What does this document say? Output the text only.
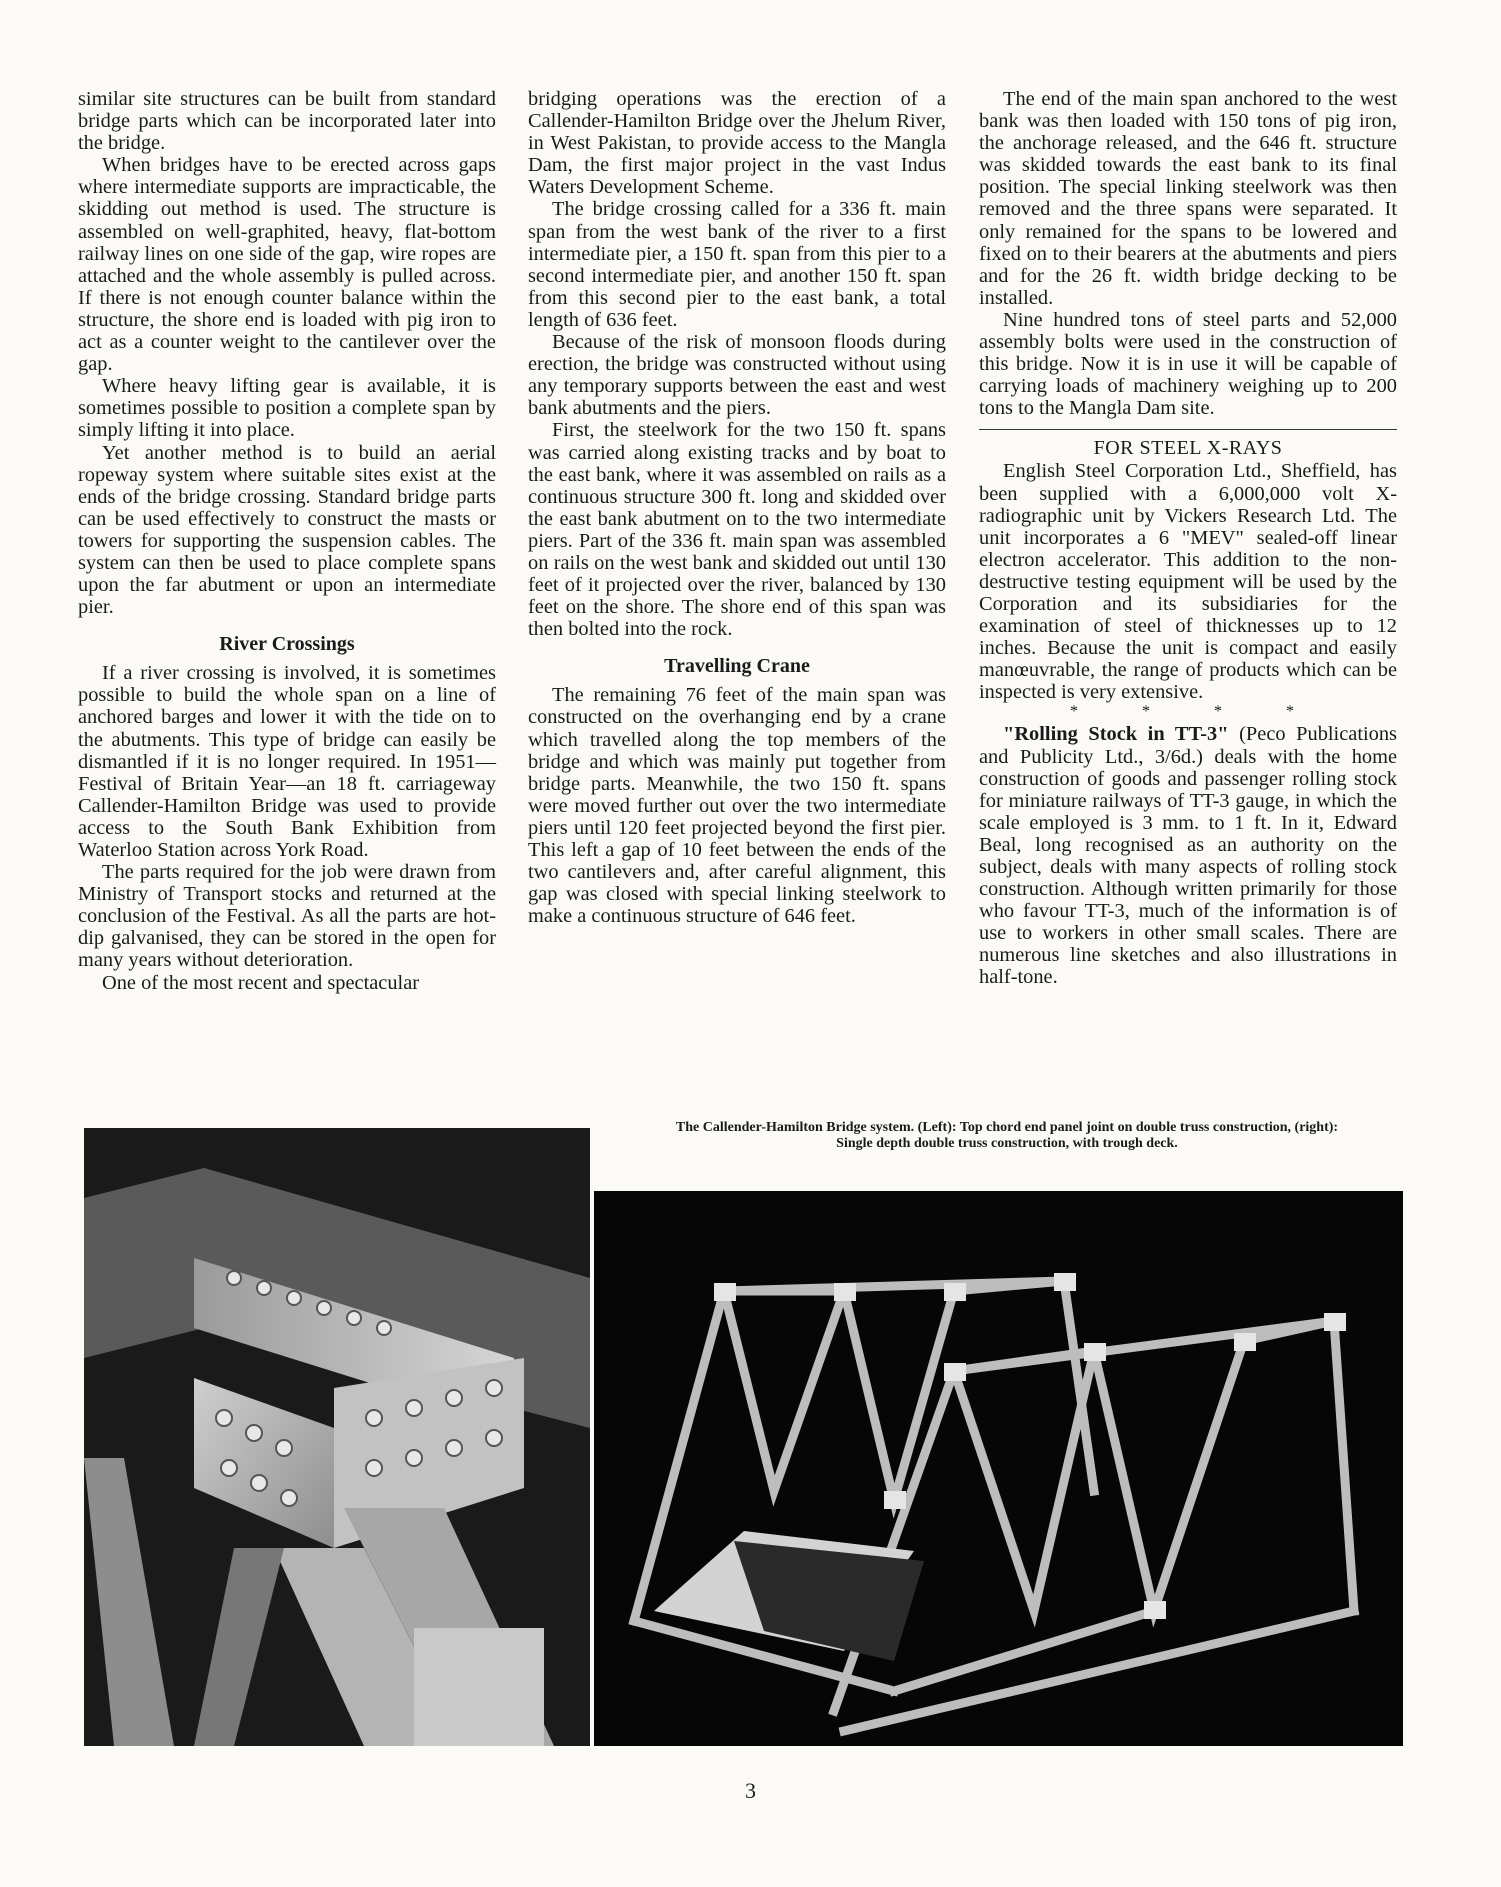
similar site structures can be built from standard bridge parts which can be incorporated later into the bridge.

When bridges have to be erected across gaps where intermediate supports are impracticable, the skidding out method is used. The structure is assembled on well-graphited, heavy, flat-bottom railway lines on one side of the gap, wire ropes are attached and the whole assembly is pulled across. If there is not enough counter balance within the structure, the shore end is loaded with pig iron to act as a counter weight to the cantilever over the gap.

Where heavy lifting gear is available, it is sometimes possible to position a complete span by simply lifting it into place.

Yet another method is to build an aerial ropeway system where suitable sites exist at the ends of the bridge crossing. Standard bridge parts can be used effectively to construct the masts or towers for supporting the suspension cables. The system can then be used to place complete spans upon the far abutment or upon an intermediate pier.

River Crossings

If a river crossing is involved, it is sometimes possible to build the whole span on a line of anchored barges and lower it with the tide on to the abutments. This type of bridge can easily be dismantled if it is no longer required. In 1951—Festival of Britain Year—an 18 ft. carriageway Callender-Hamilton Bridge was used to provide access to the South Bank Exhibition from Waterloo Station across York Road.

The parts required for the job were drawn from Ministry of Transport stocks and returned at the conclusion of the Festival. As all the parts are hot-dip galvanised, they can be stored in the open for many years without deterioration.

One of the most recent and spectacular

bridging operations was the erection of a Callender-Hamilton Bridge over the Jhelum River, in West Pakistan, to provide access to the Mangla Dam, the first major project in the vast Indus Waters Development Scheme.

The bridge crossing called for a 336 ft. main span from the west bank of the river to a first intermediate pier, a 150 ft. span from this pier to a second intermediate pier, and another 150 ft. span from this second pier to the east bank, a total length of 636 feet.

Because of the risk of monsoon floods during erection, the bridge was constructed without using any temporary supports between the east and west bank abutments and the piers.

First, the steelwork for the two 150 ft. spans was carried along existing tracks and by boat to the east bank, where it was assembled on rails as a continuous structure 300 ft. long and skidded over the east bank abutment on to the two intermediate piers. Part of the 336 ft. main span was assembled on rails on the west bank and skidded out until 130 feet of it projected over the river, balanced by 130 feet on the shore. The shore end of this span was then bolted into the rock.

Travelling Crane

The remaining 76 feet of the main span was constructed on the overhanging end by a crane which travelled along the top members of the bridge and which was mainly put together from bridge parts. Meanwhile, the two 150 ft. spans were moved further out over the two intermediate piers until 120 feet projected beyond the first pier. This left a gap of 10 feet between the ends of the two cantilevers and, after careful alignment, this gap was closed with special linking steelwork to make a continuous structure of 646 feet.

The end of the main span anchored to the west bank was then loaded with 150 tons of pig iron, the anchorage released, and the 646 ft. structure was skidded towards the east bank to its final position. The special linking steelwork was then removed and the three spans were separated. It only remained for the spans to be lowered and fixed on to their bearers at the abutments and piers and for the 26 ft. width bridge decking to be installed.

Nine hundred tons of steel parts and 52,000 assembly bolts were used in the construction of this bridge. Now it is in use it will be capable of carrying loads of machinery weighing up to 200 tons to the Mangla Dam site.

FOR STEEL X-RAYS

English Steel Corporation Ltd., Sheffield, has been supplied with a 6,000,000 volt X-radiographic unit by Vickers Research Ltd. The unit incorporates a 6 "MEV" sealed-off linear electron accelerator. This addition to the non-destructive testing equipment will be used by the Corporation and its subsidiaries for the examination of steel of thicknesses up to 12 inches. Because the unit is compact and easily manœuvrable, the range of products which can be inspected is very extensive.

* * * *

"Rolling Stock in TT-3" (Peco Publications and Publicity Ltd., 3/6d.) deals with the home construction of goods and passenger rolling stock for miniature railways of TT-3 gauge, in which the scale employed is 3 mm. to 1 ft. In it, Edward Beal, long recognised as an authority on the subject, deals with many aspects of rolling stock construction. Although written primarily for those who favour TT-3, much of the information is of use to workers in other small scales. There are numerous line sketches and also illustrations in half-tone.

The Callender-Hamilton Bridge system. (Left): Top chord end panel joint on double truss construction, (right): Single depth double truss construction, with trough deck.
3
